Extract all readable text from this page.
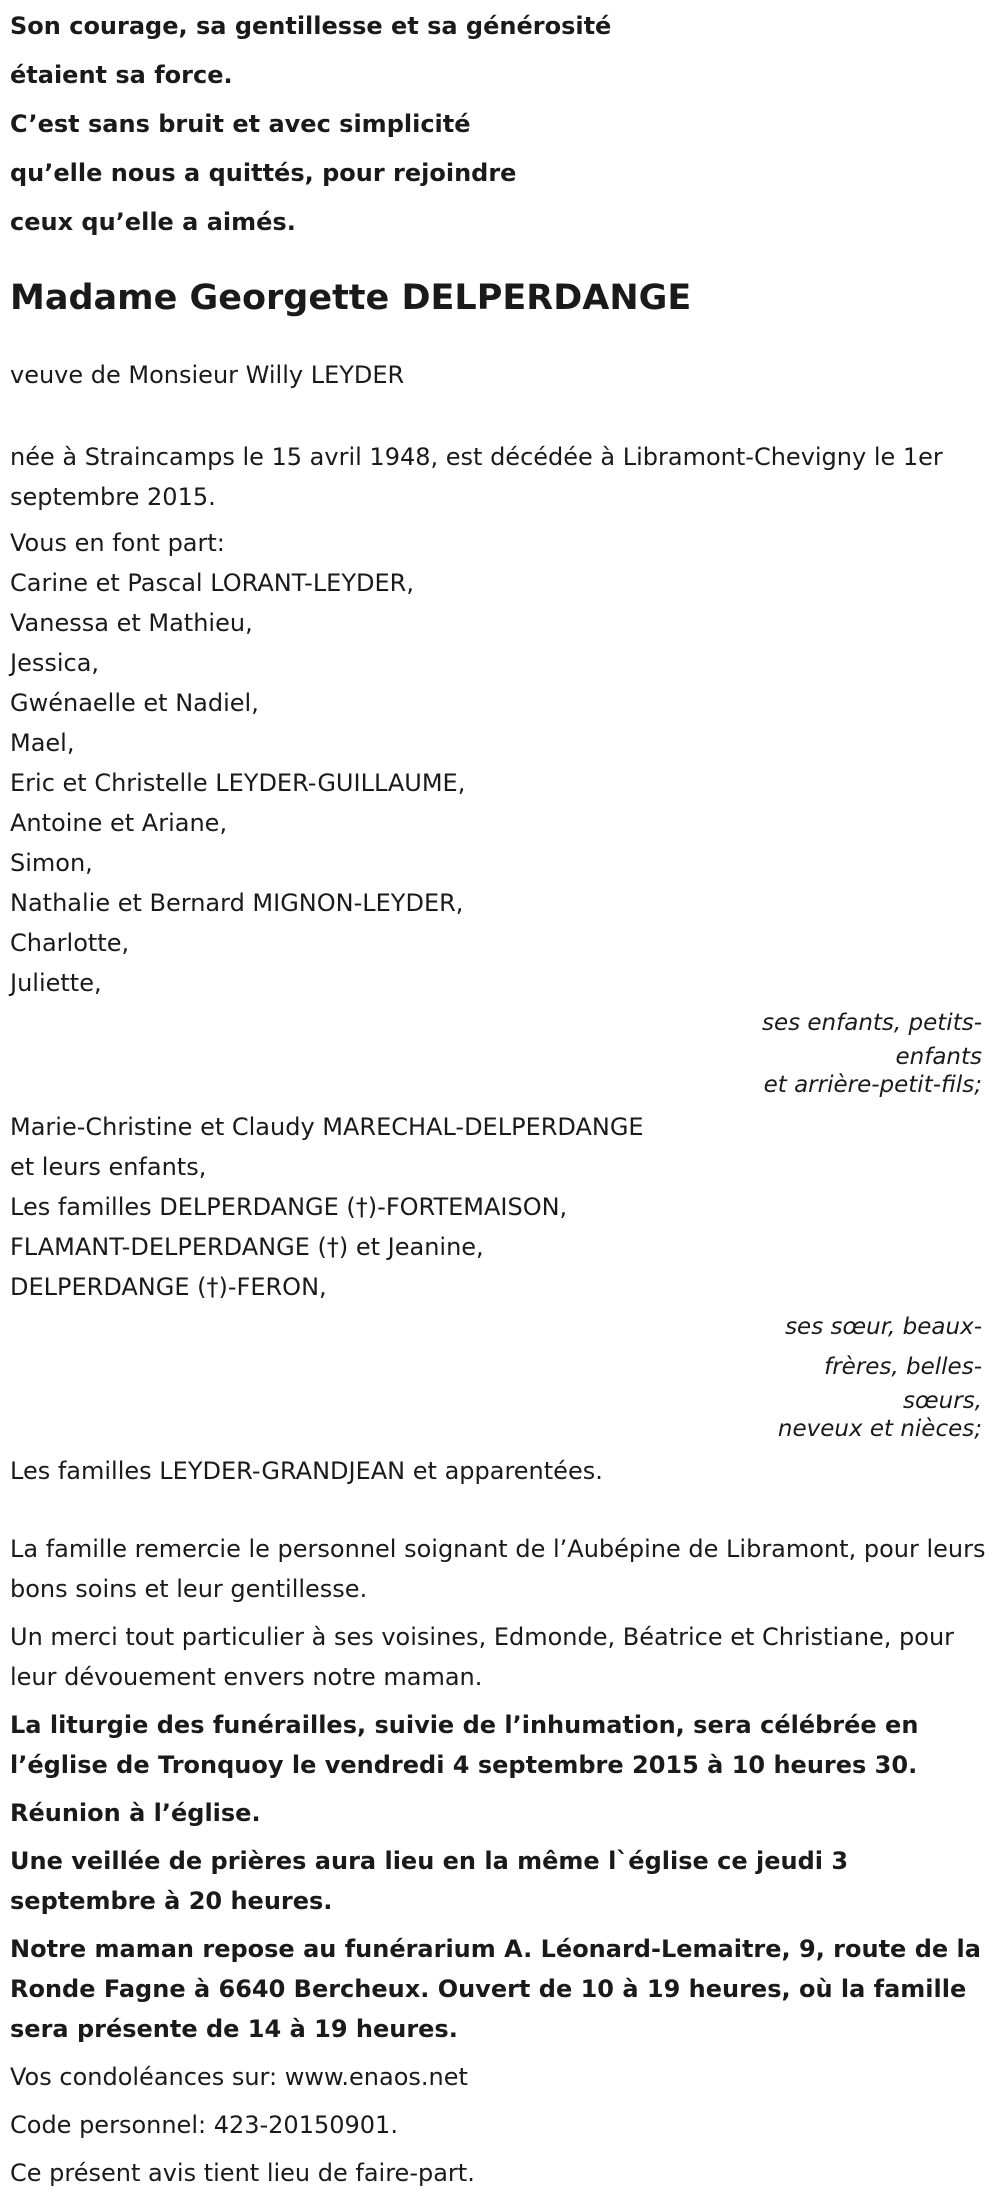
Son courage, sa gentillesse et sa générosité
étaient sa force.
C’est sans bruit et avec simplicité
qu’elle nous a quittés, pour rejoindre
ceux qu’elle a aimés.
Madame Georgette DELPERDANGE
veuve de Monsieur Willy LEYDER
née à Straincamps le 15 avril 1948, est décédée à Libramont-Chevigny le 1er septembre 2015.
Vous en font part:
Carine et Pascal LORANT-LEYDER,
Vanessa et Mathieu,
Jessica,
Gwénaelle et Nadiel,
Mael,
Eric et Christelle LEYDER-GUILLAUME,
Antoine et Ariane,
Simon,
Nathalie et Bernard MIGNON-LEYDER,
Charlotte,
Juliette,
ses enfants, petits-
enfants
et arrière-petit-fils;
Marie-Christine et Claudy MARECHAL-DELPERDANGE
et leurs enfants,
Les familles DELPERDANGE (†)-FORTEMAISON,
FLAMANT-DELPERDANGE (†) et Jeanine,
DELPERDANGE (†)-FERON,
ses sœur, beaux-
frères, belles-
sœurs,
neveux et nièces;
Les familles LEYDER-GRANDJEAN et apparentées.
La famille remercie le personnel soignant de l’Aubépine de Libramont, pour leurs bons soins et leur gentillesse.
Un merci tout particulier à ses voisines, Edmonde, Béatrice et Christiane, pour leur dévouement envers notre maman.
La liturgie des funérailles, suivie de l’inhumation, sera célébrée en l’église de Tronquoy le vendredi 4 septembre 2015 à 10 heures 30.
Réunion à l’église.
Une veillée de prières aura lieu en la même l`église ce jeudi 3 septembre à 20 heures.
Notre maman repose au funérarium A. Léonard-Lemaitre, 9, route de la Ronde Fagne à 6640 Bercheux. Ouvert de 10 à 19 heures, où la famille sera présente de 14 à 19 heures.
Vos condoléances sur: www.enaos.net
Code personnel: 423-20150901.
Ce présent avis tient lieu de faire-part.
